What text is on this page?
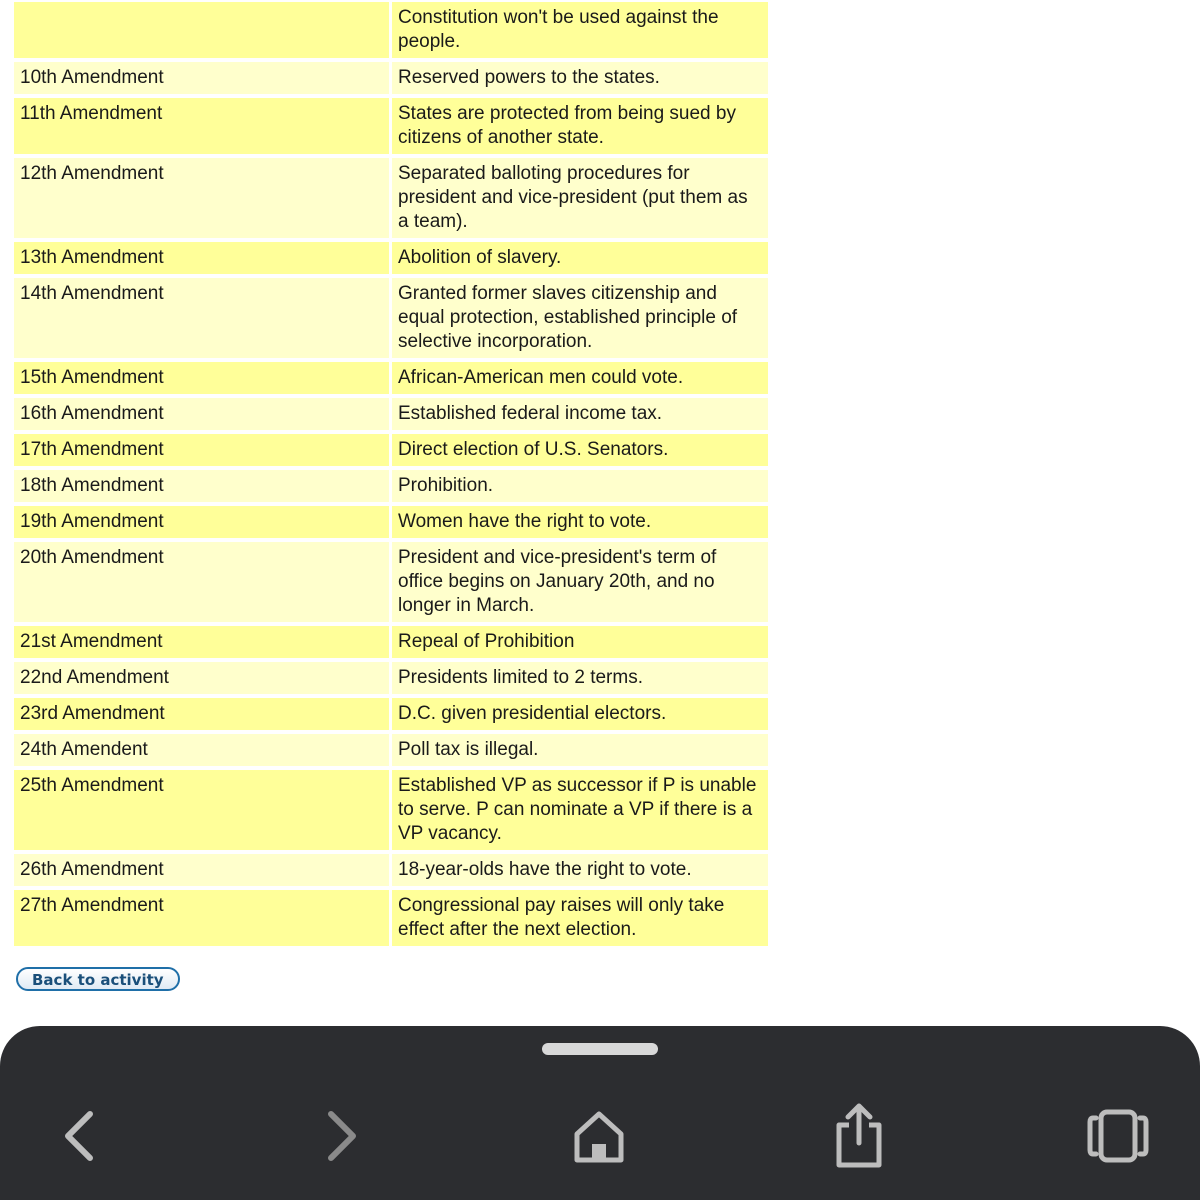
	Constitution won't be used against the people.
10th Amendment	Reserved powers to the states.
11th Amendment	States are protected from being sued by citizens of another state.
12th Amendment	Separated balloting procedures for president and vice-president (put them as a team).
13th Amendment	Abolition of slavery.
14th Amendment	Granted former slaves citizenship and equal protection, established principle of selective incorporation.
15th Amendment	African-American men could vote.
16th Amendment	Established federal income tax.
17th Amendment	Direct election of U.S. Senators.
18th Amendment	Prohibition.
19th Amendment	Women have the right to vote.
20th Amendment	President and vice-president's term of office begins on January 20th, and no longer in March.
21st Amendment	Repeal of Prohibition
22nd Amendment	Presidents limited to 2 terms.
23rd Amendment	D.C. given presidential electors.
24th Amendent	Poll tax is illegal.
25th Amendment	Established VP as successor if P is unable to serve. P can nominate a VP if there is a VP vacancy.
26th Amendment	18-year-olds have the right to vote.
27th Amendment	Congressional pay raises will only take effect after the next election.
Back to activity
